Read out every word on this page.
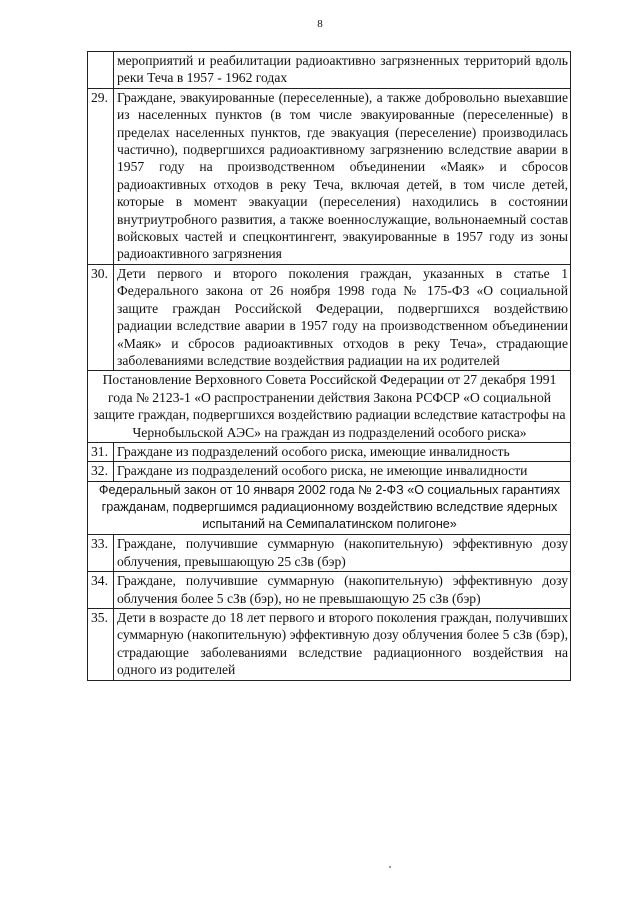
8
	мероприятий и реабилитации радиоактивно загрязненных территорий вдоль реки Теча в 1957 - 1962 годах
29.	Граждане, эвакуированные (переселенные), а также добровольно выехавшие из населенных пунктов (в том числе эвакуированные (переселенные) в пределах населенных пунктов, где эвакуация (переселение) производилась частично), подвергшихся радиоактивному загрязнению вследствие аварии в 1957 году на производственном объединении «Маяк» и сбросов радиоактивных отходов в реку Теча, включая детей, в том числе детей, которые в момент эвакуации (переселения) находились в состоянии внутриутробного развития, а также военнослужащие, вольнонаемный состав войсковых частей и спецконтингент, эвакуированные в 1957 году из зоны радиоактивного загрязнения
30.	Дети первого и второго поколения граждан, указанных в статье 1 Федерального закона от 26 ноября 1998 года № 175-ФЗ «О социальной защите граждан Российской Федерации, подвергшихся воздействию радиации вследствие аварии в 1957 году на производственном объединении «Маяк» и сбросов радиоактивных отходов в реку Теча», страдающие заболеваниями вследствие воздействия радиации на их родителей
Постановление Верховного Совета Российской Федерации от 27 декабря 1991 года № 2123-1 «О распространении действия Закона РСФСР «О социальной защите граждан, подвергшихся воздействию радиации вследствие катастрофы на Чернобыльской АЭС» на граждан из подразделений особого риска»	
31.	Граждане из подразделений особого риска, имеющие инвалидность
32.	Граждане из подразделений особого риска, не имеющие инвалидности
Федеральный закон от 10 января 2002 года № 2-ФЗ «О социальных гарантиях гражданам, подвергшимся радиационному воздействию вследствие ядерных испытаний на Семипалатинском полигоне»	
33.	Граждане, получившие суммарную (накопительную) эффективную дозу облучения, превышающую 25 сЗв (бэр)
34.	Граждане, получившие суммарную (накопительную) эффективную дозу облучения более 5 сЗв (бэр), но не превышающую 25 сЗв (бэр)
35.	Дети в возрасте до 18 лет первого и второго поколения граждан, получивших суммарную (накопительную) эффективную дозу облучения более 5 сЗв (бэр), страдающие заболеваниями вследствие радиационного воздействия на одного из родителей
